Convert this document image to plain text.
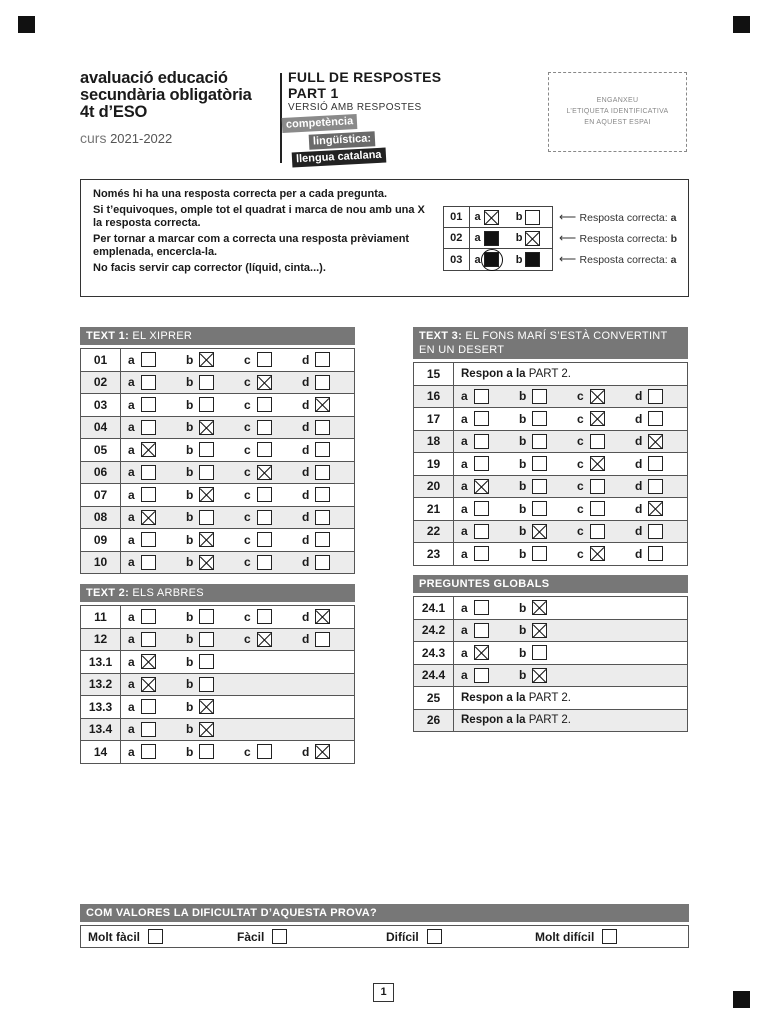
avaluació educació
secundària obligatòria
4t d’ESO
curs 2021-2022
FULL DE RESPOSTES
PART 1
VERSIÓ AMB RESPOSTES
competència
lingüística:
llengua catalana
ENGANXEU
L’ETIQUETA IDENTIFICATIVA
EN AQUEST ESPAI

Només hi ha una resposta correcta per a cada pregunta.

Si t’equivoques, omple tot el quadrat i marca de nou amb una X la resposta correcta.

Per tornar a marcar com a correcta una resposta prèviament emplenada, encercla-la.

No facis servir cap corrector (líquid, cinta...).

01	a	b
02	a	b
03	a	b
⟵ Resposta correcta: a
⟵ Resposta correcta: b
⟵ Resposta correcta: a
TEXT 1: EL XIPRER
01	a	b	c	d
02	a	b	c	d
03	a	b	c	d
04	a	b	c	d
05	a	b	c	d
06	a	b	c	d
07	a	b	c	d
08	a	b	c	d
09	a	b	c	d
10	a	b	c	d
TEXT 2: ELS ARBRES
11	a	b	c	d
12	a	b	c	d
13.1	a	b
13.2	a	b
13.3	a	b
13.4	a	b
14	a	b	c	d
TEXT 3: EL FONS MARÍ S’ESTÀ CONVERTINT EN UN DESERT
15	Respon a la PART 2.
16	a	b	c	d
17	a	b	c	d
18	a	b	c	d
19	a	b	c	d
20	a	b	c	d
21	a	b	c	d
22	a	b	c	d
23	a	b	c	d
PREGUNTES GLOBALS
24.1	a	b
24.2	a	b
24.3	a	b
24.4	a	b
25	Respon a la PART 2.
26	Respon a la PART 2.
COM VALORES LA DIFICULTAT D’AQUESTA PROVA?
Molt fàcil	Fàcil	Difícil	Molt difícil
1
